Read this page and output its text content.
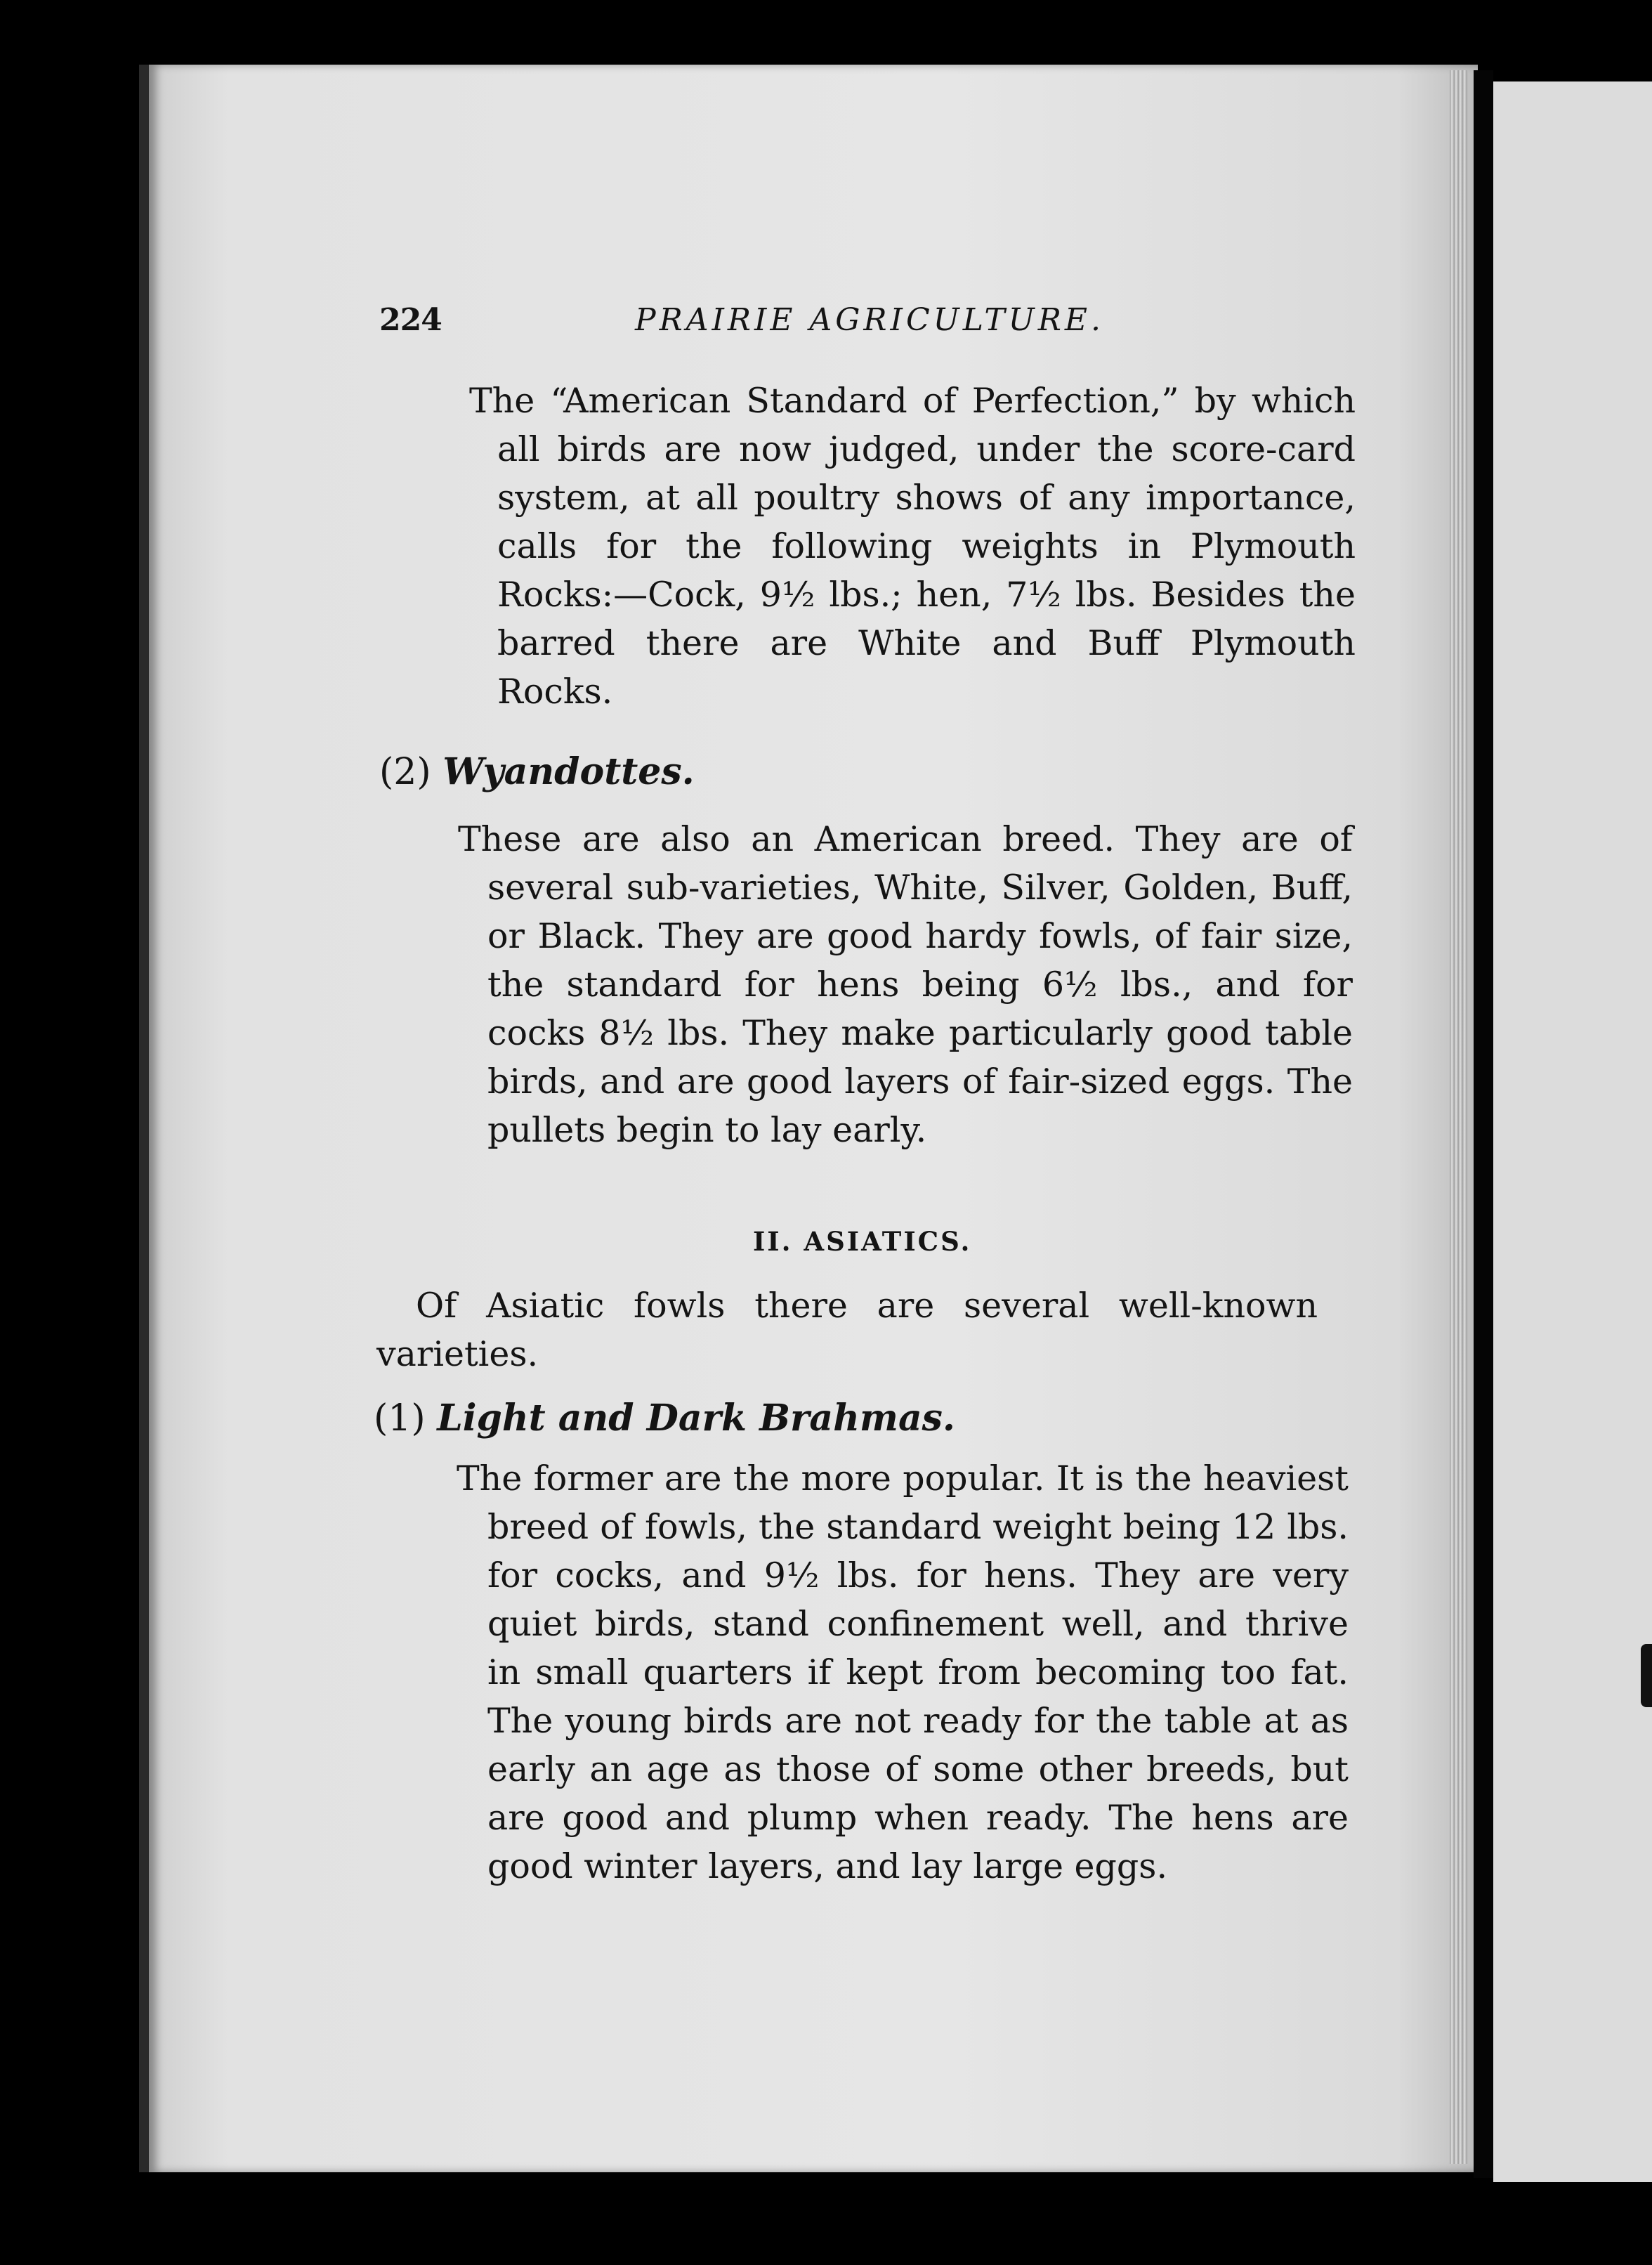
224	PRAIRIE AGRICULTURE.

The “American Standard of Perfection,” by which all birds are now judged, under the score-card system, at all poultry shows of any importance, calls for the following weights in Plymouth Rocks:—Cock, 9½ lbs.; hen, 7½ lbs. Besides the barred there are White and Buff Plymouth Rocks.

(2) Wyandottes.

These are also an American breed. They are of several sub-varieties, White, Silver, Golden, Buff, or Black. They are good hardy fowls, of fair size, the standard for hens being 6½ lbs., and for cocks 8½ lbs. They make particularly good table birds, and are good layers of fair-sized eggs. The pullets begin to lay early.

II. ASIATICS.

Of Asiatic fowls there are several well-known varieties.

(1) Light and Dark Brahmas.

The former are the more popular. It is the heaviest breed of fowls, the standard weight being 12 lbs. for cocks, and 9½ lbs. for hens. They are very quiet birds, stand confinement well, and thrive in small quarters if kept from becoming too fat. The young birds are not ready for the table at as early an age as those of some other breeds, but are good and plump when ready. The hens are good winter layers, and lay large eggs.
